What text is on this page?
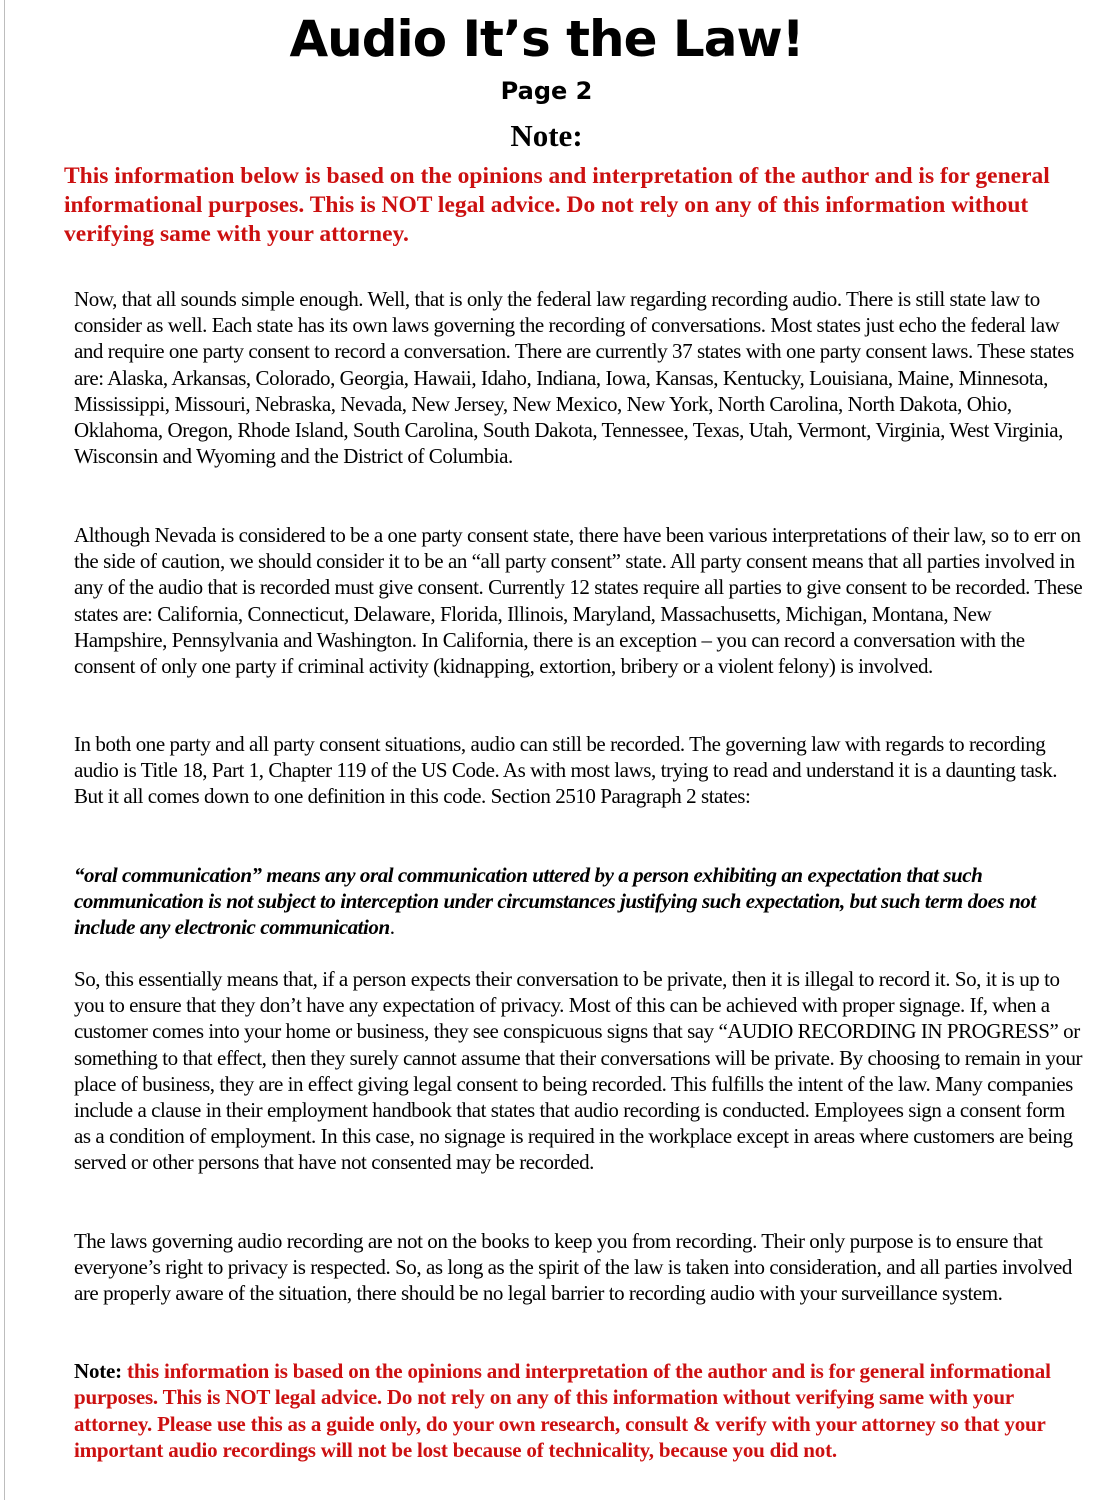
Audio It’s the Law!
Page 2
Note:

This information below is based on the opinions and interpretation of the author and is for general informational purposes. This is NOT legal advice. Do not rely on any of this information without verifying same with your attorney.

Now, that all sounds simple enough. Well, that is only the federal law regarding recording audio. There is still state law to consider as well. Each state has its own laws governing the recording of conversations. Most states just echo the federal law and require one party consent to record a conversation. There are currently 37 states with one party consent laws. These states are: Alaska, Arkansas, Colorado, Georgia, Hawaii, Idaho, Indiana, Iowa, Kansas, Kentucky, Louisiana, Maine, Minnesota, Mississippi, Missouri, Nebraska, Nevada, New Jersey, New Mexico, New York, North Carolina, North Dakota, Ohio, Oklahoma, Oregon, Rhode Island, South Carolina, South Dakota, Tennessee, Texas, Utah, Vermont, Virginia, West Virginia, Wisconsin and Wyoming and the District of Columbia.

Although Nevada is considered to be a one party consent state, there have been various interpretations of their law, so to err on the side of caution, we should consider it to be an “all party consent” state. All party consent means that all parties involved in any of the audio that is recorded must give consent. Currently 12 states require all parties to give consent to be recorded. These states are: California, Connecticut, Delaware, Florida, Illinois, Maryland, Massachusetts, Michigan, Montana, New Hampshire, Pennsylvania and Washington. In California, there is an exception – you can record a conversation with the consent of only one party if criminal activity (kidnapping, extortion, bribery or a violent felony) is involved.

In both one party and all party consent situations, audio can still be recorded. The governing law with regards to recording audio is Title 18, Part 1, Chapter 119 of the US Code. As with most laws, trying to read and understand it is a daunting task. But it all comes down to one definition in this code. Section 2510 Paragraph 2 states:

“oral communication” means any oral communication uttered by a person exhibiting an expectation that such communication is not subject to interception under circumstances justifying such expectation, but such term does not include any electronic communication.

So, this essentially means that, if a person expects their conversation to be private, then it is illegal to record it. So, it is up to you to ensure that they don’t have any expectation of privacy. Most of this can be achieved with proper signage. If, when a customer comes into your home or business, they see conspicuous signs that say “AUDIO RECORDING IN PROGRESS” or something to that effect, then they surely cannot assume that their conversations will be private. By choosing to remain in your place of business, they are in effect giving legal consent to being recorded. This fulfills the intent of the law. Many companies include a clause in their employment handbook that states that audio recording is conducted. Employees sign a consent form as a condition of employment. In this case, no signage is required in the workplace except in areas where customers are being served or other persons that have not consented may be recorded.

The laws governing audio recording are not on the books to keep you from recording. Their only purpose is to ensure that everyone’s right to privacy is respected. So, as long as the spirit of the law is taken into consideration, and all parties involved are properly aware of the situation, there should be no legal barrier to recording audio with your surveillance system.

Note: this information is based on the opinions and interpretation of the author and is for general informational purposes. This is NOT legal advice. Do not rely on any of this information without verifying same with your attorney. Please use this as a guide only, do your own research, consult & verify with your attorney so that your important audio recordings will not be lost because of technicality, because you did not.
